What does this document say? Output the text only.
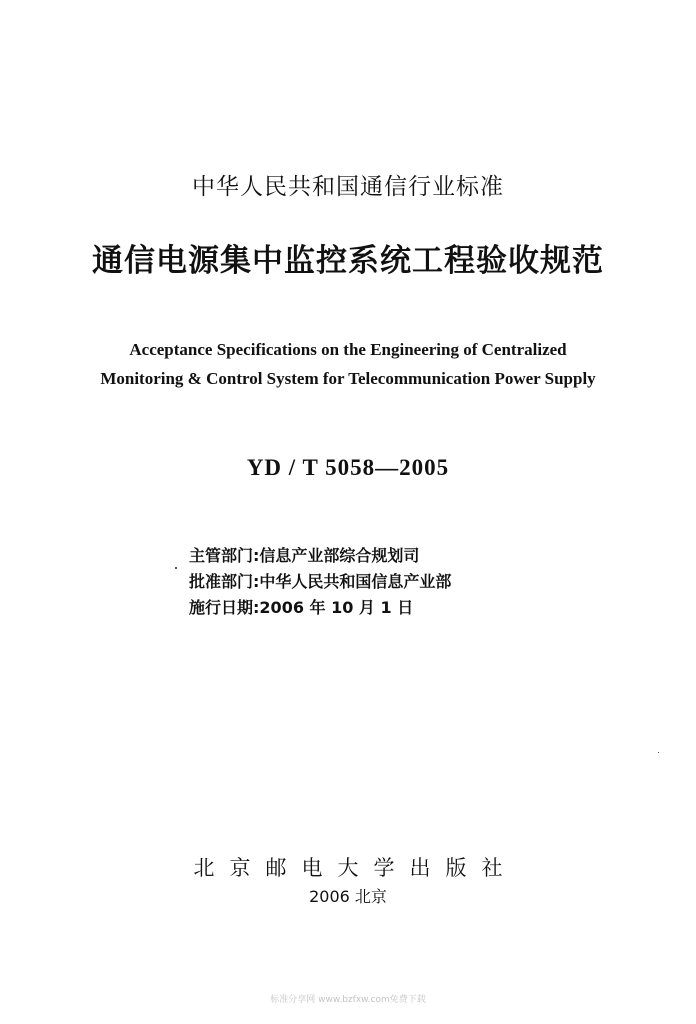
中华人民共和国通信行业标准
通信电源集中监控系统工程验收规范
Acceptance Specifications on the Engineering of Centralized
Monitoring & Control System for Telecommunication Power Supply
YD / T 5058—2005
主管部门:信息产业部综合规划司
批准部门:中华人民共和国信息产业部
施行日期:2006 年 10 月 1 日
北京邮电大学出版社
2006 北京
标准分享网 www.bzfxw.com免费下载
